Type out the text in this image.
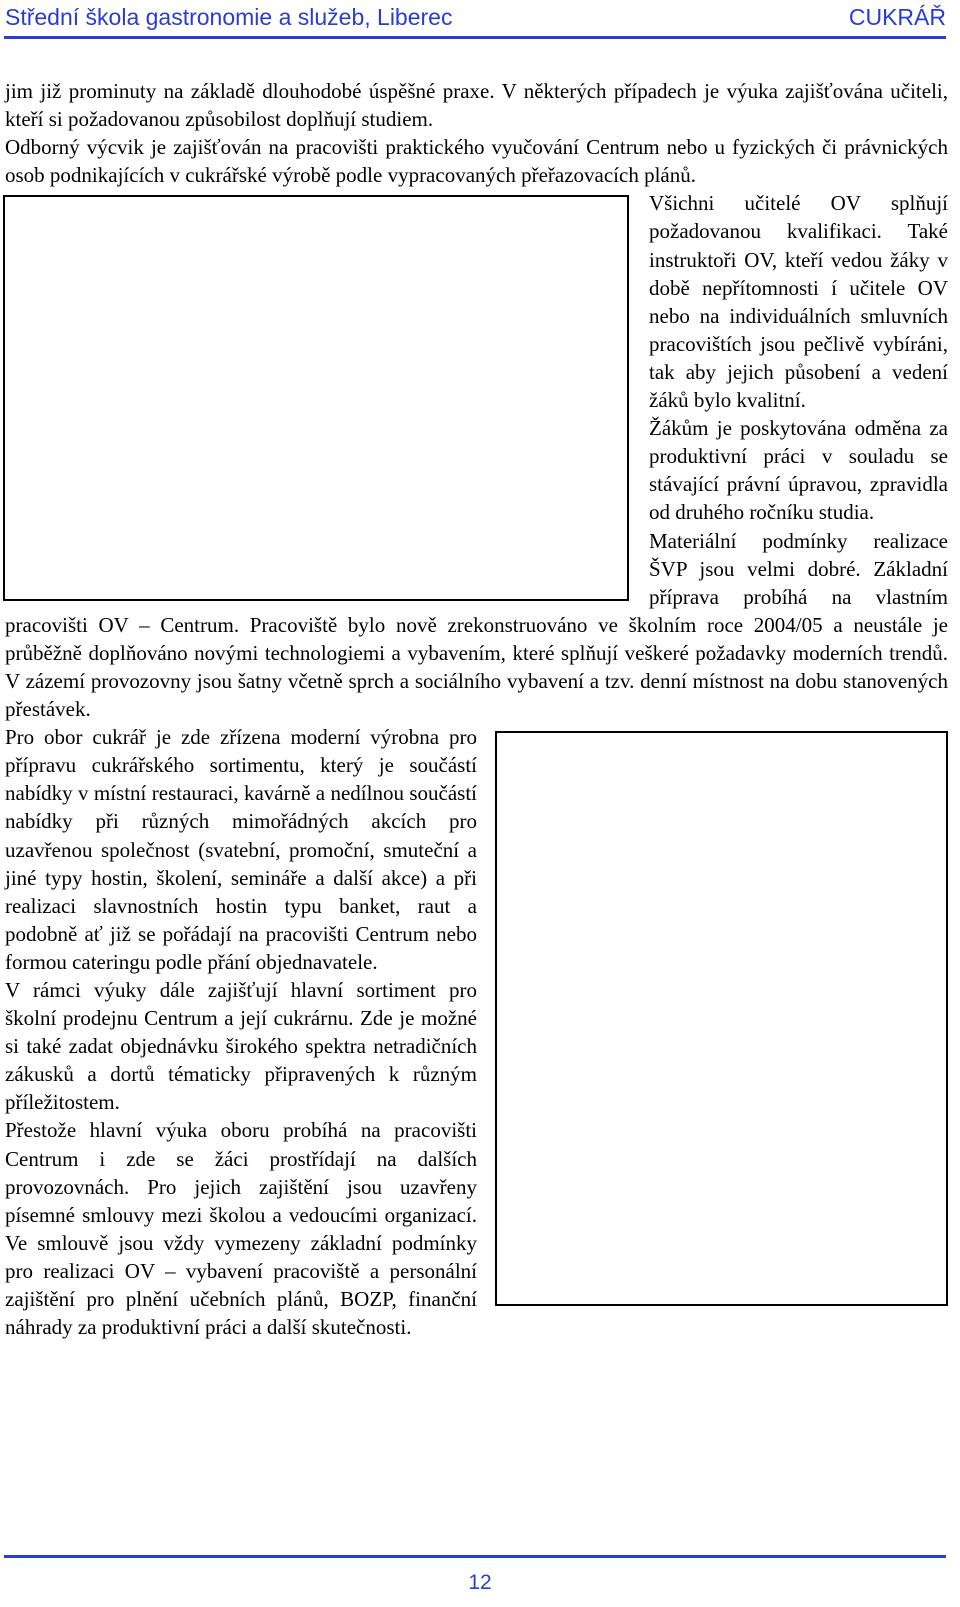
Střední škola gastronomie a služeb, Liberec	CUKRÁŘ

jim již prominuty na základě dlouhodobé úspěšné praxe. V některých případech je výuka zajišťována učiteli, kteří si požadovanou způsobilost doplňují studiem.

Odborný výcvik je zajišťován na pracovišti praktického vyučování Centrum nebo u fyzických či právnických osob podnikajících v cukrářské výrobě podle vypracovaných přeřazovacích plánů.

Všichni učitelé OV splňují požadovanou kvalifikaci. Také instruktoři OV, kteří vedou žáky v době nepřítomnosti í učitele OV nebo na individuálních smluvních pracovištích jsou pečlivě vybíráni, tak aby jejich působení a vedení žáků bylo kvalitní.

Žákům je poskytována odměna za produktivní práci v souladu se stávající právní úpravou, zpravidla od druhého ročníku studia.

Materiální podmínky realizace ŠVP jsou velmi dobré. Základní příprava probíhá na vlastním pracovišti OV – Centrum. Pracoviště bylo nově zrekonstruováno ve školním roce 2004/05 a neustále je průběžně doplňováno novými technologiemi a vybavením, které splňují veškeré požadavky moderních trendů. V zázemí provozovny jsou šatny včetně sprch a sociálního vybavení a tzv. denní místnost na dobu stanovených přestávek.

Pro obor cukrář je zde zřízena moderní výrobna pro přípravu cukrářského sortimentu, který je součástí nabídky v místní restauraci, kavárně a nedílnou součástí nabídky při různých mimořádných akcích pro uzavřenou společnost (svatební, promoční, smuteční a jiné typy hostin, školení, semináře a další akce) a při realizaci slavnostních hostin typu banket, raut a podobně ať již se pořádají na pracovišti Centrum nebo formou cateringu podle přání objednavatele.

V rámci výuky dále zajišťují hlavní sortiment pro školní prodejnu Centrum a její cukrárnu. Zde je možné si také zadat objednávku širokého spektra netradičních zákusků a dortů tématicky připravených k různým příležitostem.

Přestože hlavní výuka oboru probíhá na pracovišti Centrum i zde se žáci prostřídají na dalších provozovnách. Pro jejich zajištění jsou uzavřeny písemné smlouvy mezi školou a vedoucími organizací. Ve smlouvě jsou vždy vymezeny základní podmínky pro realizaci OV – vybavení pracoviště a personální zajištění pro plnění učebních plánů, BOZP, finanční náhrady za produktivní práci a další skutečnosti.

12
